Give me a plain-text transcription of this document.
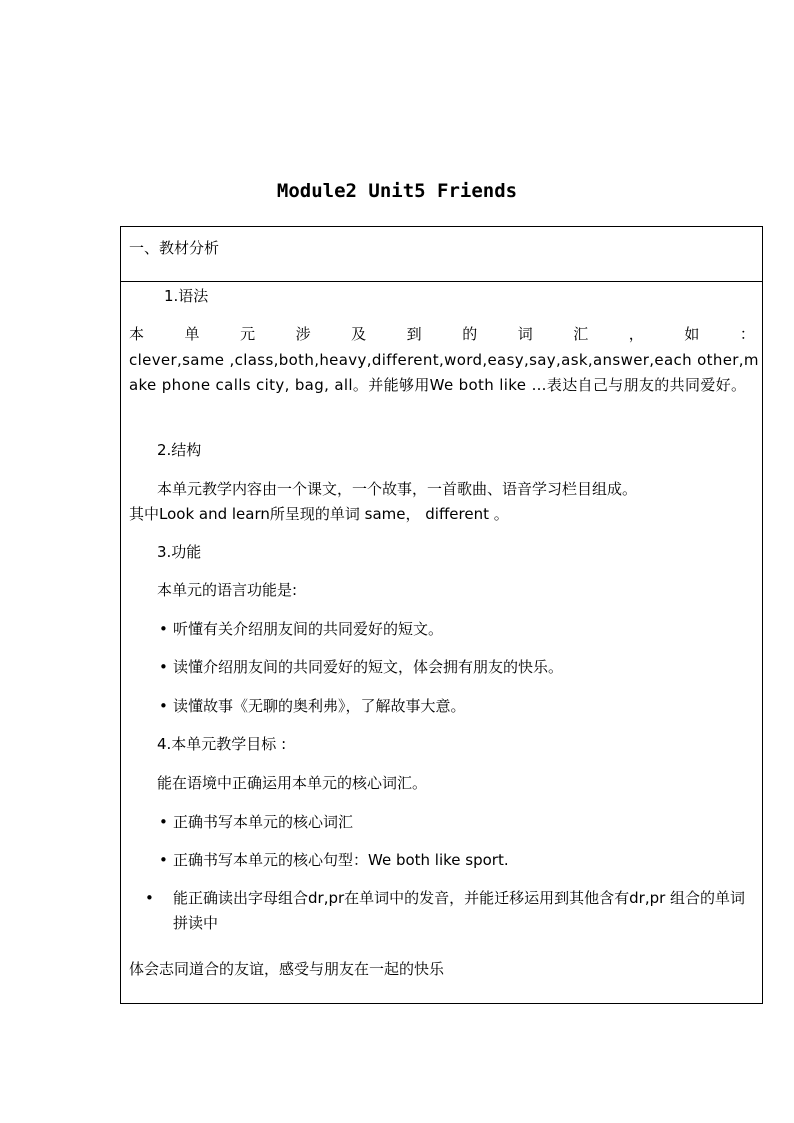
Module2 Unit5 Friends
一、教材分析
1.语法
本 单 元 涉 及 到 的 词 汇 ， 如 ：
clever,same ,class,both,heavy,different,word,easy,say,ask,answer,each other,make phone calls city, bag, all。并能够用We both like …表达自己与朋友的共同爱好。
2.结构
本单元教学内容由一个课文，一个故事，一首歌曲、语音学习栏目组成。
其中Look and learn所呈现的单词 same， different 。
3.功能
本单元的语言功能是:
• 听懂有关介绍朋友间的共同爱好的短文。
• 读懂介绍朋友间的共同爱好的短文，体会拥有朋友的快乐。
• 读懂故事《无聊的奥利弗》，了解故事大意。
4.本单元教学目标 :
能在语境中正确运用本单元的核心词汇。
• 正确书写本单元的核心词汇
• 正确书写本单元的核心句型：We both like sport.
• 能正确读出字母组合dr,pr在单词中的发音，并能迁移运用到其他含有dr,pr 组合的单词拼读中
体会志同道合的友谊，感受与朋友在一起的快乐
